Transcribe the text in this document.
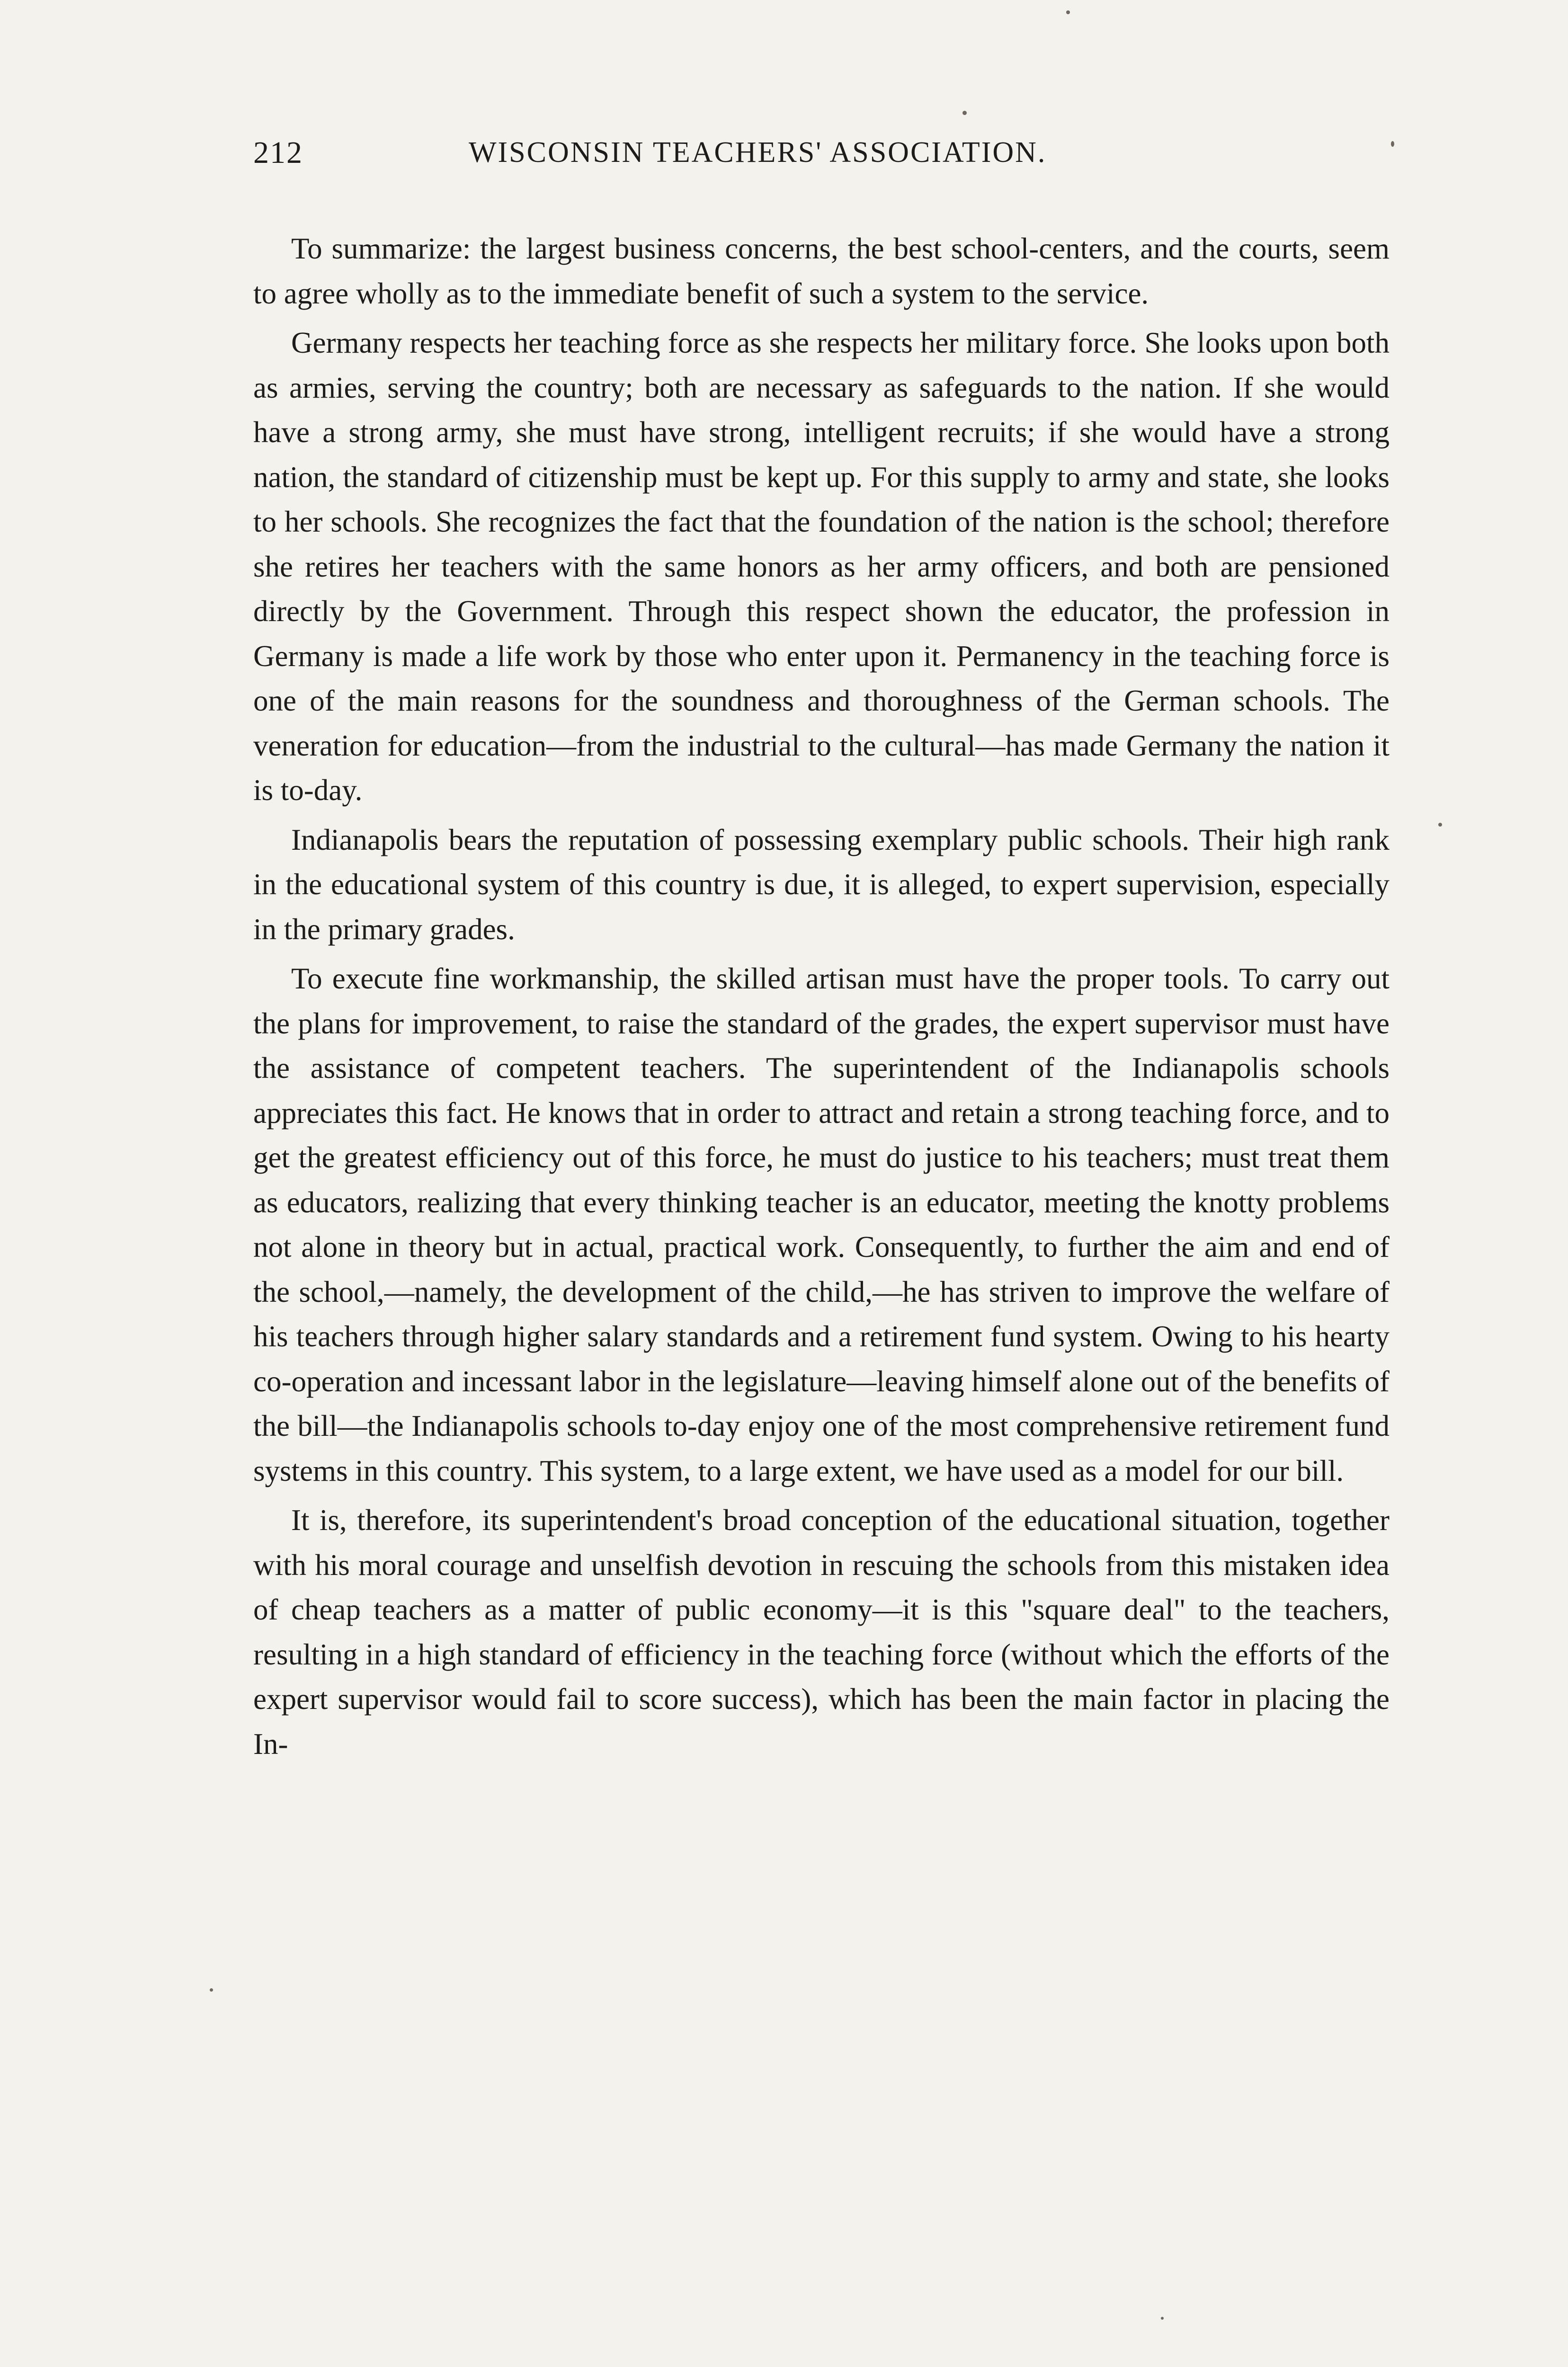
212	WISCONSIN TEACHERS' ASSOCIATION.

To summarize: the largest business concerns, the best school-centers, and the courts, seem to agree wholly as to the immediate benefit of such a system to the service.

Germany respects her teaching force as she respects her military force. She looks upon both as armies, serving the country; both are necessary as safeguards to the nation. If she would have a strong army, she must have strong, intelligent recruits; if she would have a strong nation, the standard of citizenship must be kept up. For this supply to army and state, she looks to her schools. She recognizes the fact that the foundation of the nation is the school; therefore she retires her teachers with the same honors as her army officers, and both are pensioned directly by the Government. Through this respect shown the educator, the profession in Germany is made a life work by those who enter upon it. Permanency in the teaching force is one of the main reasons for the soundness and thoroughness of the German schools. The veneration for education—from the industrial to the cultural—has made Germany the nation it is to-day.

Indianapolis bears the reputation of possessing exemplary public schools. Their high rank in the educational system of this country is due, it is alleged, to expert supervision, especially in the primary grades.

To execute fine workmanship, the skilled artisan must have the proper tools. To carry out the plans for improvement, to raise the standard of the grades, the expert supervisor must have the assistance of competent teachers. The superintendent of the Indianapolis schools appreciates this fact. He knows that in order to attract and retain a strong teaching force, and to get the greatest efficiency out of this force, he must do justice to his teachers; must treat them as educators, realizing that every thinking teacher is an educator, meeting the knotty problems not alone in theory but in actual, practical work. Consequently, to further the aim and end of the school,—namely, the development of the child,—he has striven to improve the welfare of his teachers through higher salary standards and a retirement fund system. Owing to his hearty co-operation and incessant labor in the legislature—leaving himself alone out of the benefits of the bill—the Indianapolis schools to-day enjoy one of the most comprehensive retirement fund systems in this country. This system, to a large extent, we have used as a model for our bill.

It is, therefore, its superintendent's broad conception of the educational situation, together with his moral courage and unselfish devotion in rescuing the schools from this mistaken idea of cheap teachers as a matter of public economy—it is this "square deal" to the teachers, resulting in a high standard of efficiency in the teaching force (without which the efforts of the expert supervisor would fail to score success), which has been the main factor in placing the In-
